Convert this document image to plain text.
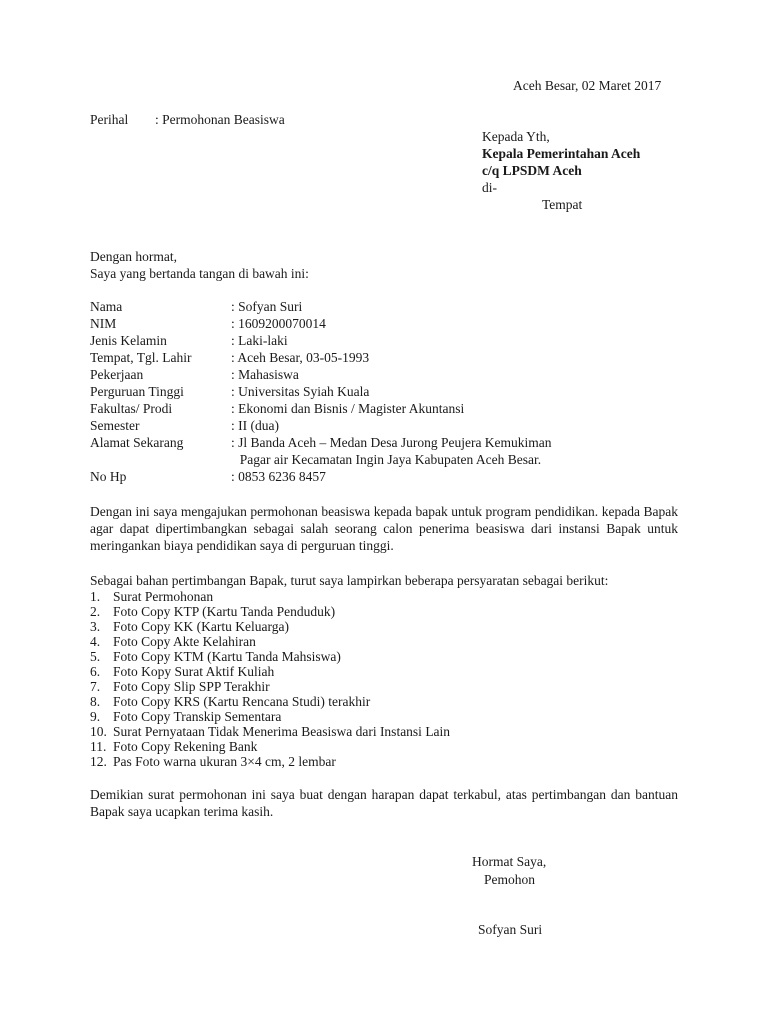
Aceh Besar, 02 Maret 2017
Perihal : Permohonan Beasiswa
Kepada Yth,
Kepala Pemerintahan Aceh
c/q LPSDM Aceh
di-
Tempat
Dengan hormat,
Saya yang bertanda tangan di bawah ini:
Nama	: Sofyan Suri
NIM	: 1609200070014
Jenis Kelamin	: Laki-laki
Tempat, Tgl. Lahir	: Aceh Besar, 03-05-1993
Pekerjaan	: Mahasiswa
Perguruan Tinggi	: Universitas Syiah Kuala
Fakultas/ Prodi	: Ekonomi dan Bisnis / Magister Akuntansi
Semester	: II (dua)
Alamat Sekarang	: Jl Banda Aceh – Medan Desa Jurong Peujera Kemukiman
Pagar air Kecamatan Ingin Jaya Kabupaten Aceh Besar.
No Hp	: 0853 6236 8457
Dengan ini saya mengajukan permohonan beasiswa kepada bapak untuk program pendidikan. kepada Bapak agar dapat dipertimbangkan sebagai salah seorang calon penerima beasiswa dari instansi Bapak untuk meringankan biaya pendidikan saya di perguruan tinggi.
Sebagai bahan pertimbangan Bapak, turut saya lampirkan beberapa persyaratan sebagai berikut:
1. Surat Permohonan
2. Foto Copy KTP (Kartu Tanda Penduduk)
3. Foto Copy KK (Kartu Keluarga)
4. Foto Copy Akte Kelahiran
5. Foto Copy KTM (Kartu Tanda Mahsiswa)
6. Foto Kopy Surat Aktif Kuliah
7. Foto Copy Slip SPP Terakhir
8. Foto Copy KRS (Kartu Rencana Studi) terakhir
9. Foto Copy Transkip Sementara
10. Surat Pernyataan Tidak Menerima Beasiswa dari Instansi Lain
11. Foto Copy Rekening Bank
12. Pas Foto warna ukuran 3×4 cm, 2 lembar
Demikian surat permohonan ini saya buat dengan harapan dapat terkabul, atas pertimbangan dan bantuan Bapak saya ucapkan terima kasih.
Hormat Saya,
Pemohon
Sofyan Suri
